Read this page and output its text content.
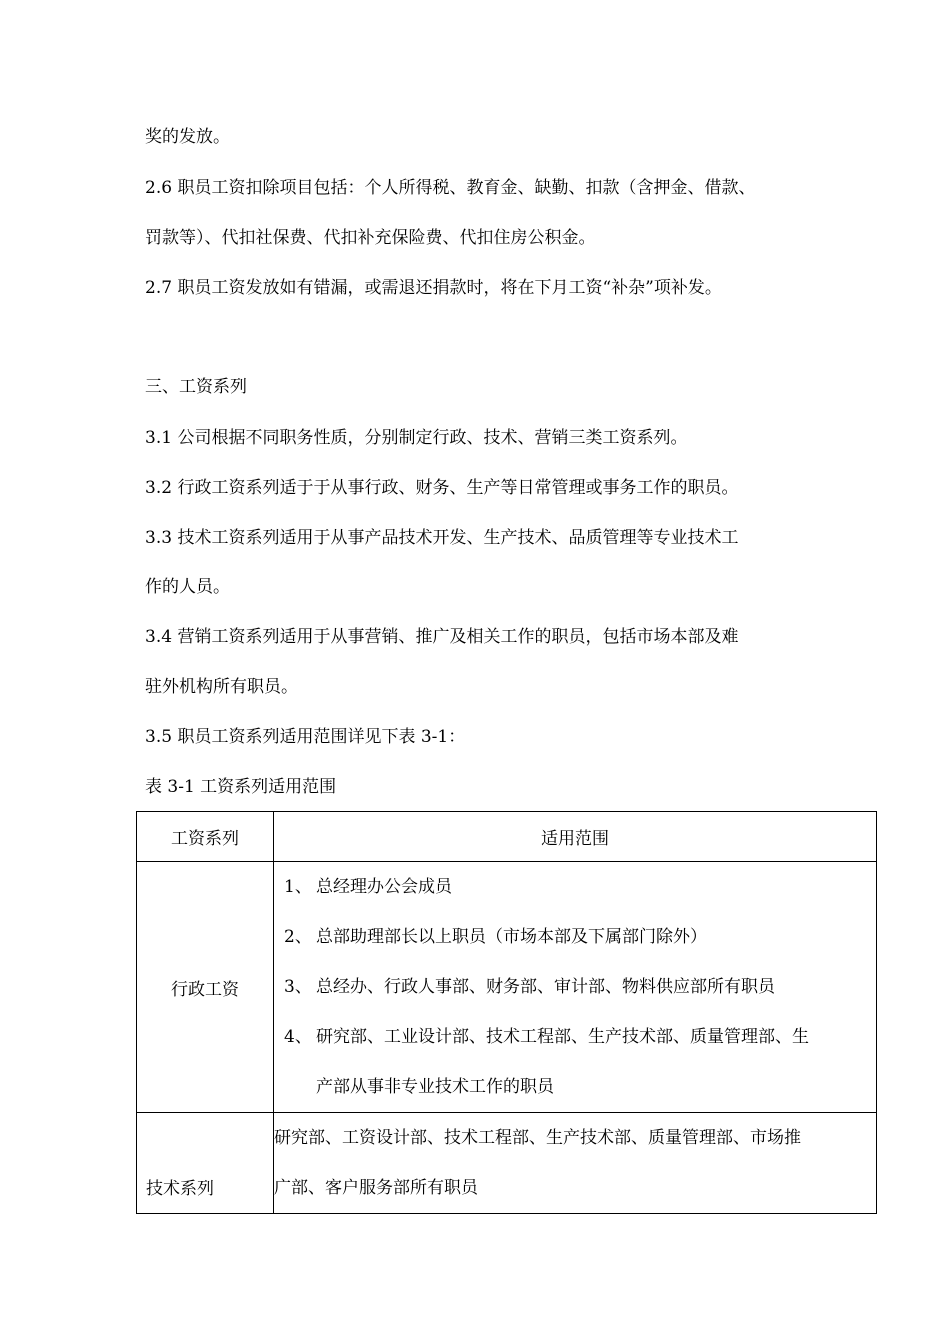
奖的发放。
2.6 职员工资扣除项目包括：个人所得税、教育金、缺勤、扣款（含押金、借款、
罚款等）、代扣社保费、代扣补充保险费、代扣住房公积金。
2.7 职员工资发放如有错漏，或需退还捐款时，将在下月工资“补杂”项补发。
三、工资系列
3.1 公司根据不同职务性质，分别制定行政、技术、营销三类工资系列。
3.2 行政工资系列适于于从事行政、财务、生产等日常管理或事务工作的职员。
3.3 技术工资系列适用于从事产品技术开发、生产技术、品质管理等专业技术工
作的人员。
3.4 营销工资系列适用于从事营销、推广及相关工作的职员，包括市场本部及难
驻外机构所有职员。
3.5 职员工资系列适用范围详见下表 3-1：
表 3-1 工资系列适用范围
工资系列	适用范围
行政工资	1、 总经理办公会成员
2、 总部助理部长以上职员（市场本部及下属部门除外）
3、 总经办、行政人事部、财务部、审计部、物料供应部所有职员
4、 研究部、工业设计部、技术工程部、生产技术部、质量管理部、生
产部从事非专业技术工作的职员

技术系列	研究部、工资设计部、技术工程部、生产技术部、质量管理部、市场推
广部、客户服务部所有职员
